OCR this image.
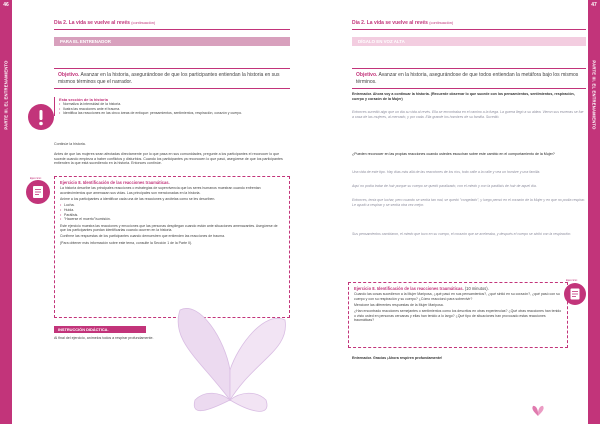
46
PARTE III. EL ENTRENAMIENTO
Día 2. La vida se vuelve al revés (continuación)
PARA EL ENTRENADOR
Objetivo. Avanzar en la historia, asegurándose de que los participantes entiendan la historia en sus mismos términos que el narrador.
Esta sección de la historia
• Normaliza la intensidad de la historia.
• Ilustra las reacciones ante el trauma.
• Identifica las reacciones en las cinco áreas de enfoque: pensamientos, sentimientos, respiración, corazón y cuerpo.
Continúe la historia.
Antes de que las mujeres sean afectadas directamente por lo que pasa en sus comunidades, pregunte a los participantes el reconocer lo que sucede cuando empieza a haber conflictos y disturbios. Cuando los participantes ya reconocen lo que pasó, asegúrese de que los participantes entienden la que está sucediendo en la historia. Entonces continúe.
Ejercicio
Ejercicio 8. Identificación de las reacciones traumáticas.

La historia describe las principales reacciones o estrategias de supervivencia que los seres humanos muestran cuando enfrentan acontecimientos que amenazan sus vidas. Las principales son mencionadas en la historia.

Anime a los participantes a identificar cada una de las reacciones y anótelas como se les describen.

• Lucha.
• Huida.
• Parálisis.
• "Hacerse el muerto"/sumisión.

Este ejercicio muestra las reacciones y emociones que las personas despliegan cuando están ante situaciones amenazantes. Asegúrese de que los participantes puedan identificarlas cuando ocurren en la historia.

Confirme las respuestas de los participantes cuando demuestren que entienden las reacciones de trauma.

(Para obtener más información sobre este tema, consulte la Sección 1 de la Parte II).

INSTRUCCIÓN DIDÁCTICA.
Al final del ejercicio, anímelos todos a respirar profundamente.
47
PARTE III. EL ENTRENAMIENTO
Día 2. La vida se vuelve al revés (continuación)
DÍGALO EN VOZ ALTA
Objetivo. Avanzar en la historia, asegurándose de que todos entiendan la metáfora bajo los mismos términos.
Entrenador. Ahora voy a continuar la historia. (Recuerde observar lo que sucede con los pensamientos, sentimientos, respiración, cuerpo y corazón de la Mujer)
Entonces sucedió algo que un día su vida al revés. Ella se encontraba en el camino a la fuega. La guerra llegó a su aldea. Vieron sus escenas se fue a casa de las mujeres, al mercado, y por cada. Ella grande los hombres de su familia. Sucedió.
¿Pueden reconocer en las propias reacciones cuando ustedes escuchan sobre este cambio en el comportamiento de la Mujer?
Una vida de este tipo. Hay días más allá de las reacciones de los ríos, todo calle a la calle y vea un hombre y una familia.
Aquí no podía tratar de huir porque su cuerpo se quedó paralizado, con el miedo y con la parálisis de huir de aquel día.
Entonces, tenía que luchar, pero cuando se sentía tan mal, se quedó "congelado", y luego pensó en el corazón de la Mujer y en que no podía respirar. Le ayudó a respirar y se sentía otra vez mejor.
Sus pensamientos cambiaron, el miedo que tuvo en su cuerpo, el corazón que se aceleraba, y después el cuerpo se sintió con la respiración.
Ejercicio 8. Identificación de las reacciones traumáticas. (10 minutos).

Cuando las cosas sucedieron a la Mujer Mariposa, ¿qué pasó en sus pensamientos?, ¿qué sintió en su corazón?, ¿qué pasó con su cuerpo y con su respiración y su cuerpo? ¿Cómo reaccionó para sobrevivir?

Mencione las diferentes respuestas de la Mujer Mariposa.

¿Han encontrado reacciones semejantes o sentimientos como los descritos en otras experiencias? ¿Qué otras reacciones han tenido o visto usted en personas cercanas y ellas han tenido a lo largo? ¿Qué tipo de situaciones han provocado estas reacciones traumáticas?

Ejercicio
Entrenador. Gracias ¡Ahora respiren profundamente!
